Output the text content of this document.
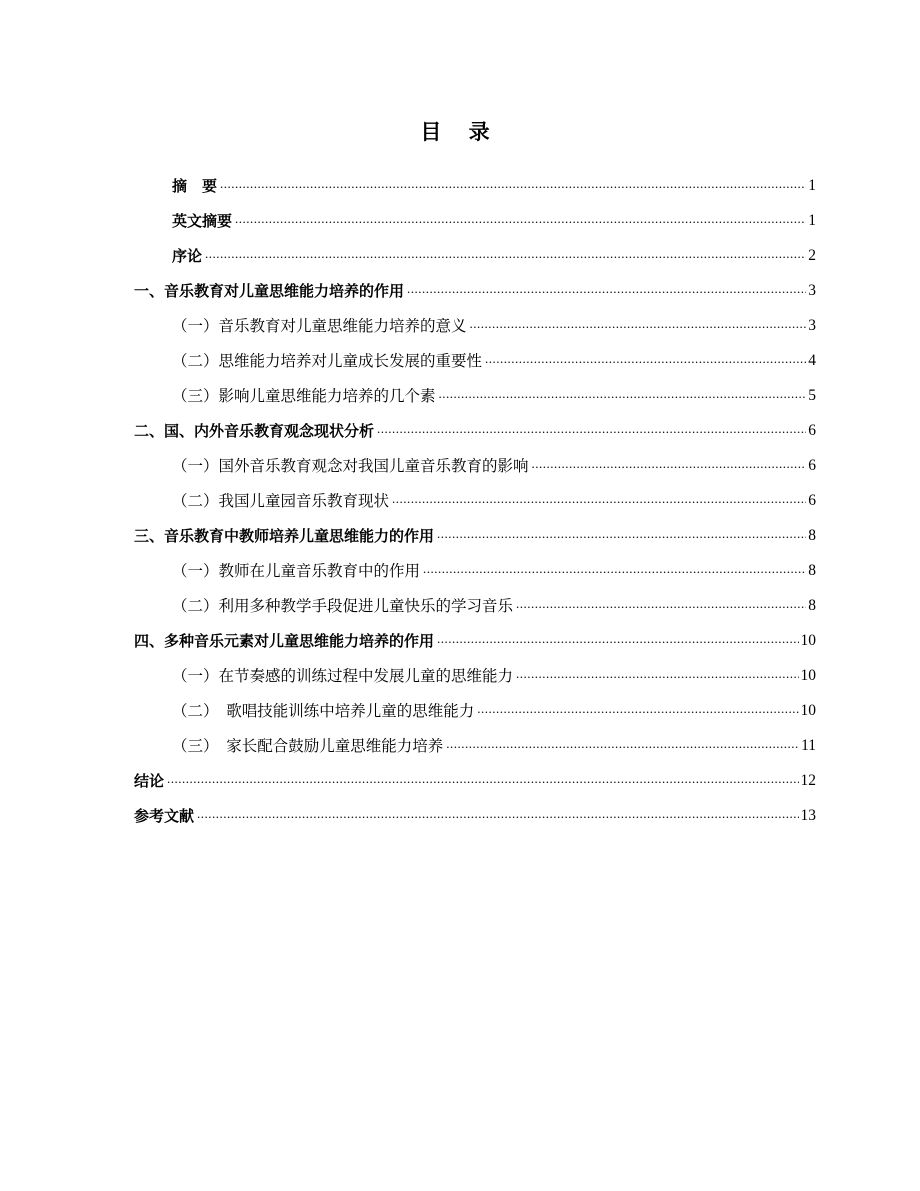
目 录
摘　要 .....	1
英文摘要 .....	1
序论 .....	2
一、音乐教育对儿童思维能力培养的作用 .....	3
（一）音乐教育对儿童思维能力培养的意义 .....	3
（二）思维能力培养对儿童成长发展的重要性 .....	4
（三）影响儿童思维能力培养的几个素 .....	5
二、国、内外音乐教育观念现状分析 .....	6
（一）国外音乐教育观念对我国儿童音乐教育的影响 .....	6
（二）我国儿童园音乐教育现状 .....	6
三、音乐教育中教师培养儿童思维能力的作用 .....	8
（一）教师在儿童音乐教育中的作用 .....	8
（二）利用多种教学手段促进儿童快乐的学习音乐 .....	8
四、多种音乐元素对儿童思维能力培养的作用 .....	10
（一）在节奏感的训练过程中发展儿童的思维能力 .....	10
（二）　歌唱技能训练中培养儿童的思维能力 .....	10
（三）　家长配合鼓励儿童思维能力培养 .....	11
结论 .....	12
参考文献 .....	13
